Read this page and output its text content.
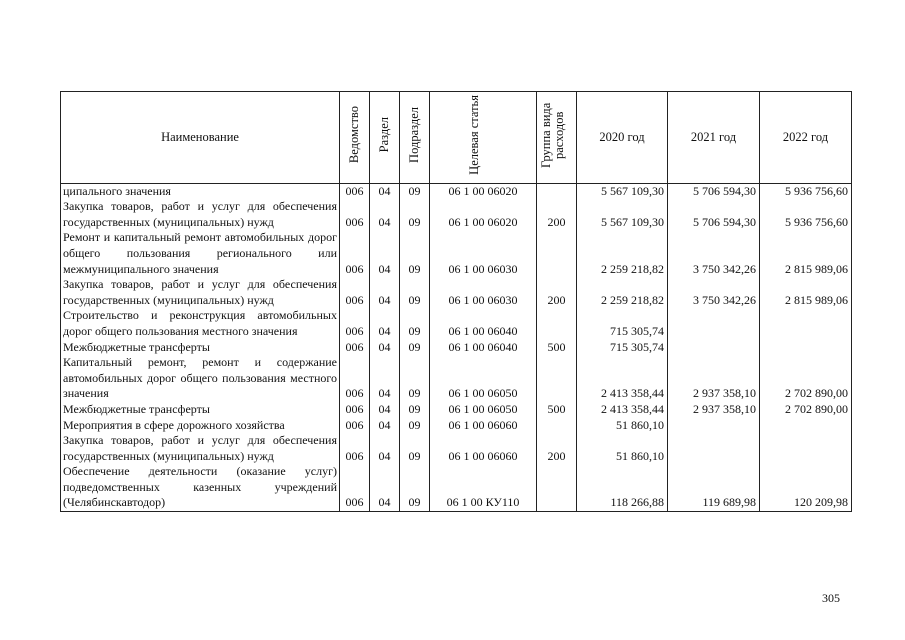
Наименование	Ведомство	Раздел	Подраздел	Целевая статья	Группа вида расходов	2020 год	2021 год	2022 год
ципального значения	006	04	09	06 1 00 06020		5 567 109,30	5 706 594,30	5 936 756,60
Закупка товаров, работ и услуг для обеспечения государственных (муниципальных) нужд	006	04	09	06 1 00 06020	200	5 567 109,30	5 706 594,30	5 936 756,60
Ремонт и капитальный ремонт автомобильных дорог общего пользования регионального или межмуниципального значения	006	04	09	06 1 00 06030		2 259 218,82	3 750 342,26	2 815 989,06
Закупка товаров, работ и услуг для обеспечения государственных (муниципальных) нужд	006	04	09	06 1 00 06030	200	2 259 218,82	3 750 342,26	2 815 989,06
Строительство и реконструкция автомобильных дорог общего пользования местного значения	006	04	09	06 1 00 06040		715 305,74		
Межбюджетные трансферты	006	04	09	06 1 00 06040	500	715 305,74		
Капитальный ремонт, ремонт и содержание автомобильных дорог общего пользования местного значения	006	04	09	06 1 00 06050		2 413 358,44	2 937 358,10	2 702 890,00
Межбюджетные трансферты	006	04	09	06 1 00 06050	500	2 413 358,44	2 937 358,10	2 702 890,00
Мероприятия в сфере дорожного хозяйства	006	04	09	06 1 00 06060		51 860,10		
Закупка товаров, работ и услуг для обеспечения государственных (муниципальных) нужд	006	04	09	06 1 00 06060	200	51 860,10		
Обеспечение деятельности (оказание услуг) подведомственных казенных учреждений (Челябинскавтодор)	006	04	09	06 1 00 КУ110		118 266,88	119 689,98	120 209,98
305
